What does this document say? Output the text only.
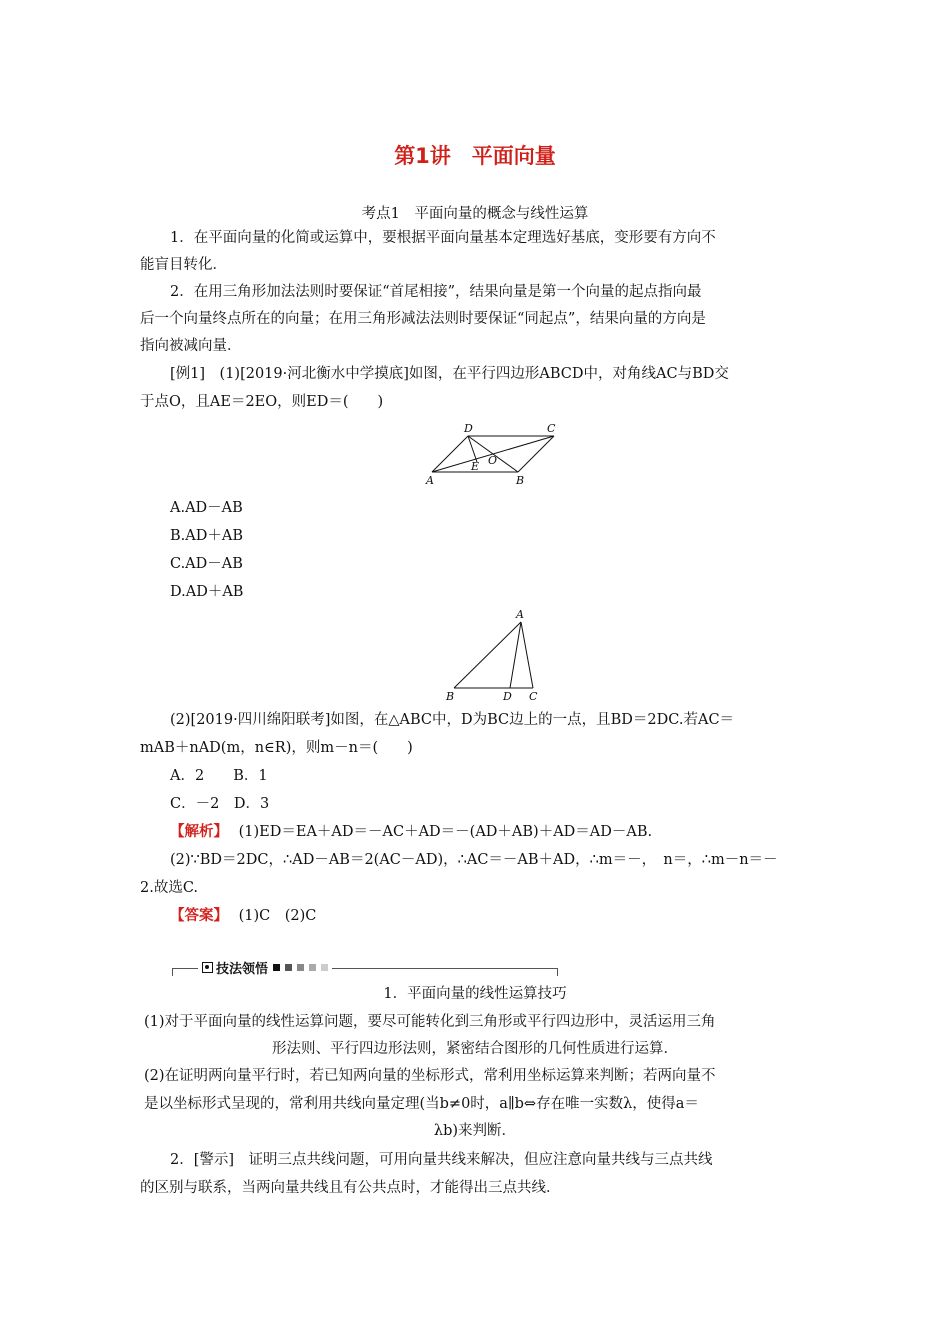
第1讲　平面向量
考点1　平面向量的概念与线性运算
1．在平面向量的化简或运算中，要根据平面向量基本定理选好基底，变形要有方向不
能盲目转化．
2．在用三角形加法法则时要保证“首尾相接”，结果向量是第一个向量的起点指向最
后一个向量终点所在的向量；在用三角形减法法则时要保证“同起点”，结果向量的方向是
指向被减向量．
[例1]　(1)[2019·河北衡水中学摸底]如图，在平行四边形ABCD中，对角线AC与BD交
于点O，且AE＝2EO，则ED＝(　　)
D	C
O
E
A	B
A.AD－AB
B.AD＋AB
C.AD－AB
D.AD＋AB
A
B	D C
(2)[2019·四川绵阳联考]如图，在△ABC中，D为BC边上的一点，且BD＝2DC.若AC＝
mAB＋nAD(m，n∈R)，则m－n＝(　　)
A．2　　B．1
C．－2　D．3
【解析】 (1)ED＝EA＋AD＝－AC＋AD＝－(AD＋AB)＋AD＝AD－AB.
(2)∵BD＝2DC，∴AD－AB＝2(AC－AD)，∴AC＝－AB＋AD，∴m＝－，　n＝，∴m－n＝－
2.故选C.
【答案】 (1)C　(2)C
技法领悟
1．平面向量的线性运算技巧
(1)对于平面向量的线性运算问题，要尽可能转化到三角形或平行四边形中，灵活运用三角
形法则、平行四边形法则，紧密结合图形的几何性质进行运算．
(2)在证明两向量平行时，若已知两向量的坐标形式，常利用坐标运算来判断；若两向量不
是以坐标形式呈现的，常利用共线向量定理(当b≠0时，a∥b⇔存在唯一实数λ，使得a＝
λb)来判断．
2．[警示]　证明三点共线问题，可用向量共线来解决，但应注意向量共线与三点共线
的区别与联系，当两向量共线且有公共点时，才能得出三点共线．
